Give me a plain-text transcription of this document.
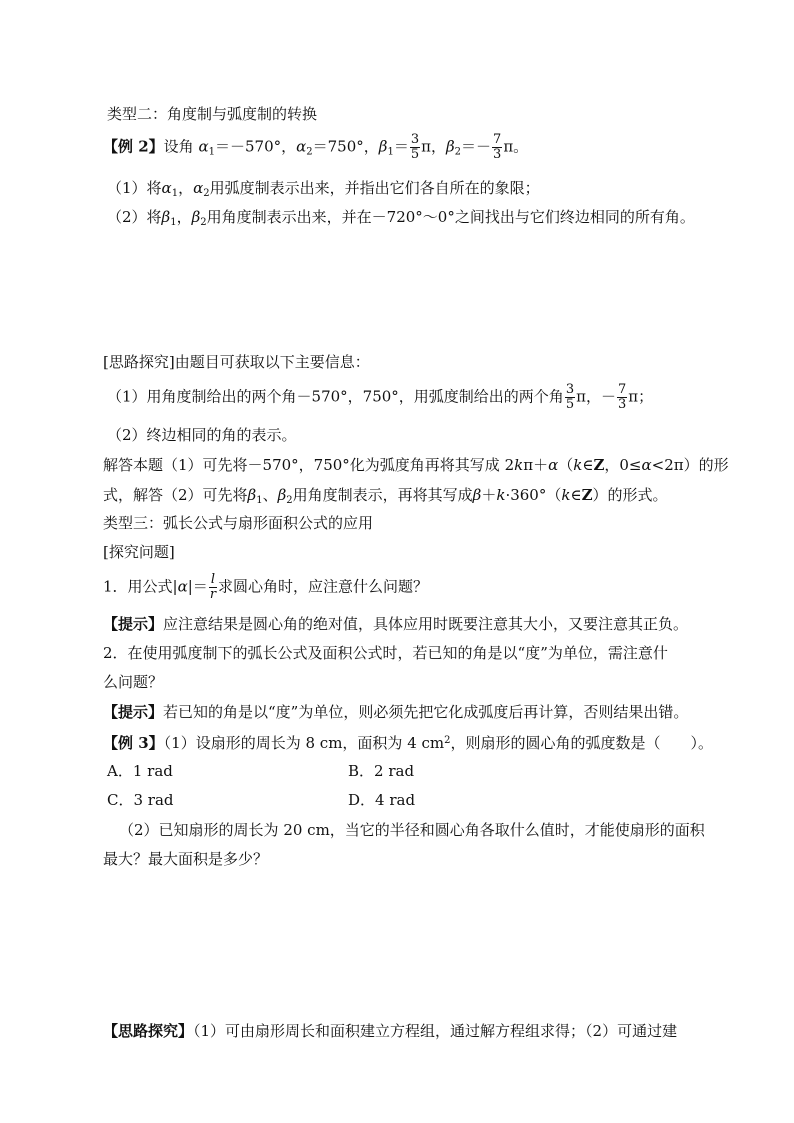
类型二：角度制与弧度制的转换
【例 2】设角 $\alpha_1=-570^\circ$，$\alpha_2=750^\circ$，$\beta_1= \frac{3}{5}$ π，$\beta_2=- \frac{7}{3}$ π。
（1）将$\alpha_1$，$\alpha_2$用弧度制表示出来，并指出它们各自所在的象限；
（2）将$\beta_1$，$\beta_2$用角度制表示出来，并在－720°～0°之间找出与它们终边相同的所有角。
[思路探究]由题目可获取以下主要信息：
（1）用角度制给出的两个角－570°，750°，用弧度制给出的两个角 $\frac{3}{5}$ π，－ $\frac{7}{3}$ π；
（2）终边相同的角的表示。
解答本题（1）可先将－570°，750°化为弧度角再将其写成 2kπ＋α（k∈Z，0≤α<2π）的形
式，解答（2）可先将$\beta_1$、$\beta_2$用角度制表示，再将其写成β＋k·360°（k∈Z）的形式。
类型三：弧长公式与扇形面积公式的应用
[探究问题]
1．用公式$|\alpha|= \frac{l}{r}$ 求圆心角时，应注意什么问题？
【提示】应注意结果是圆心角的绝对值，具体应用时既要注意其大小，又要注意其正负。
2．在使用弧度制下的弧长公式及面积公式时，若已知的角是以“度”为单位，需注意什
么问题？
【提示】若已知的角是以“度”为单位，则必须先把它化成弧度后再计算，否则结果出错。
【例 3】（1）设扇形的周长为 8 cm，面积为 4 $cm^2$，则扇形的圆心角的弧度数是（　　）。
A．1 rad	B．2 rad
C．3 rad	D．4 rad
（2）已知扇形的周长为 20 cm，当它的半径和圆心角各取什么值时，才能使扇形的面积
最大？最大面积是多少？
【思路探究】（1）可由扇形周长和面积建立方程组，通过解方程组求得；（2）可通过建
